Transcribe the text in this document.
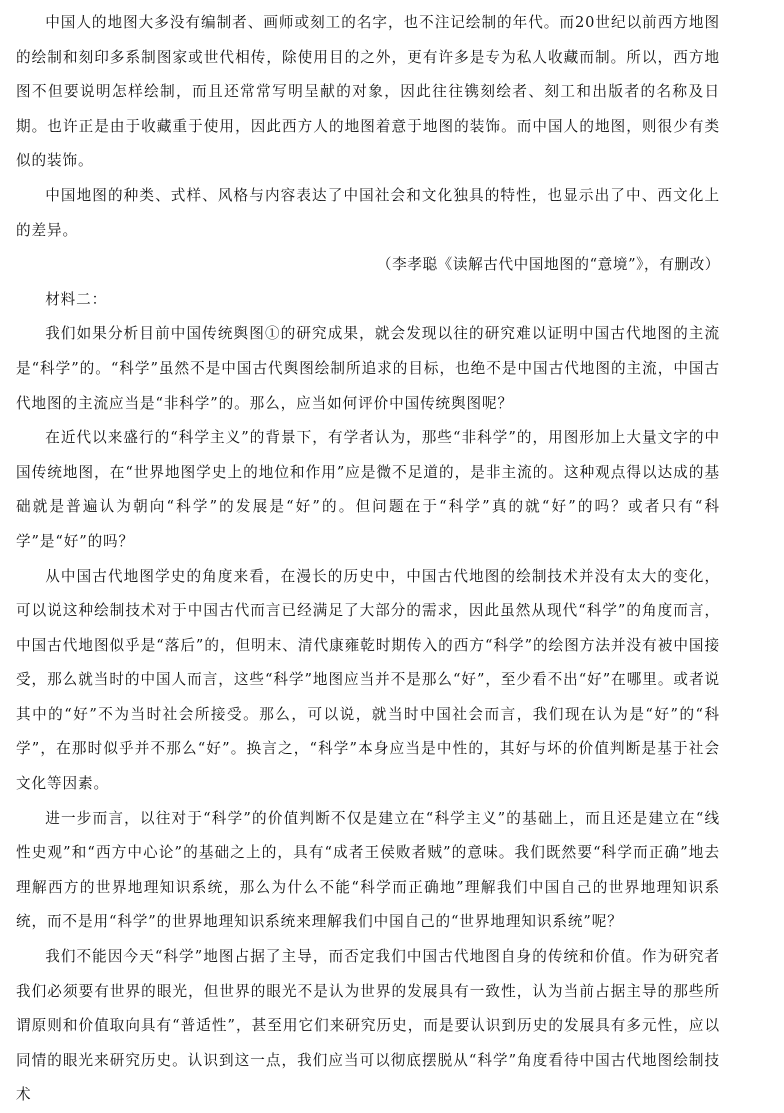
中国人的地图大多没有编制者、画师或刻工的名字，也不注记绘制的年代。而20世纪以前西方地图的绘制和刻印多系制图家或世代相传，除使用目的之外，更有许多是专为私人收藏而制。所以，西方地图不但要说明怎样绘制，而且还常常写明呈献的对象，因此往往镌刻绘者、刻工和出版者的名称及日期。也许正是由于收藏重于使用，因此西方人的地图着意于地图的装饰。而中国人的地图，则很少有类似的装饰。

中国地图的种类、式样、风格与内容表达了中国社会和文化独具的特性，也显示出了中、西文化上的差异。

（李孝聪《读解古代中国地图的“意境”》，有删改）

材料二：

我们如果分析目前中国传统舆图①的研究成果，就会发现以往的研究难以证明中国古代地图的主流是“科学”的。“科学”虽然不是中国古代舆图绘制所追求的目标，也绝不是中国古代地图的主流，中国古代地图的主流应当是“非科学”的。那么，应当如何评价中国传统舆图呢？

在近代以来盛行的“科学主义”的背景下，有学者认为，那些“非科学”的，用图形加上大量文字的中国传统地图，在“世界地图学史上的地位和作用”应是微不足道的，是非主流的。这种观点得以达成的基础就是普遍认为朝向“科学”的发展是“好”的。但问题在于“科学”真的就“好”的吗？或者只有“科学”是“好”的吗？

从中国古代地图学史的角度来看，在漫长的历史中，中国古代地图的绘制技术并没有太大的变化，可以说这种绘制技术对于中国古代而言已经满足了大部分的需求，因此虽然从现代“科学”的角度而言，中国古代地图似乎是“落后”的，但明末、清代康雍乾时期传入的西方“科学”的绘图方法并没有被中国接受，那么就当时的中国人而言，这些“科学”地图应当并不是那么“好”，至少看不出“好”在哪里。或者说其中的“好”不为当时社会所接受。那么，可以说，就当时中国社会而言，我们现在认为是“好”的“科学”，在那时似乎并不那么“好”。换言之，“科学”本身应当是中性的，其好与坏的价值判断是基于社会文化等因素。

进一步而言，以往对于“科学”的价值判断不仅是建立在“科学主义”的基础上，而且还是建立在“线性史观”和“西方中心论”的基础之上的，具有“成者王侯败者贼”的意味。我们既然要“科学而正确”地去理解西方的世界地理知识系统，那么为什么不能“科学而正确地”理解我们中国自己的世界地理知识系统，而不是用“科学”的世界地理知识系统来理解我们中国自己的“世界地理知识系统”呢？

我们不能因今天“科学”地图占据了主导，而否定我们中国古代地图自身的传统和价值。作为研究者我们必须要有世界的眼光，但世界的眼光不是认为世界的发展具有一致性，认为当前占据主导的那些所谓原则和价值取向具有“普适性”，甚至用它们来研究历史，而是要认识到历史的发展具有多元性，应以同情的眼光来研究历史。认识到这一点，我们应当可以彻底摆脱从“科学”角度看待中国古代地图绘制技术
